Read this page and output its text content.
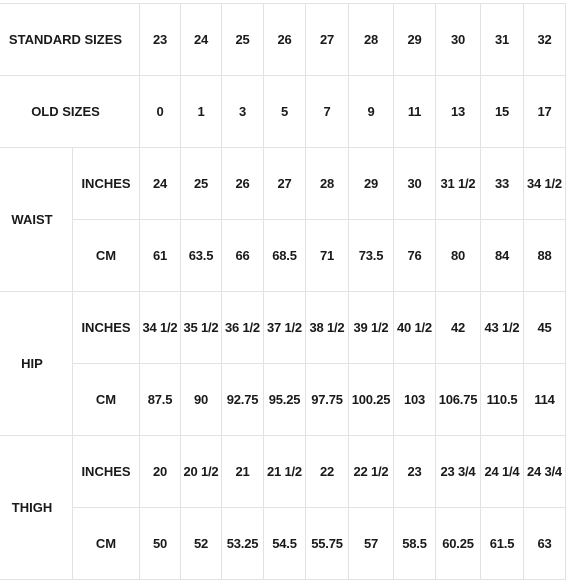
STANDARD SIZES		23	24	25	26	27	28	29	30	31	32
OLD SIZES		0	1	3	5	7	9	11	13	15	17
WAIST	INCHES	24	25	26	27	28	29	30	31 1/2	33	34 1/2
	CM	61	63.5	66	68.5	71	73.5	76	80	84	88
HIP	INCHES	34 1/2	35 1/2	36 1/2	37 1/2	38 1/2	39 1/2	40 1/2	42	43 1/2	45
	CM	87.5	90	92.75	95.25	97.75	100.25	103	106.75	110.5	114
THIGH	INCHES	20	20 1/2	21	21 1/2	22	22 1/2	23	23 3/4	24 1/4	24 3/4
	CM	50	52	53.25	54.5	55.75	57	58.5	60.25	61.5	63
